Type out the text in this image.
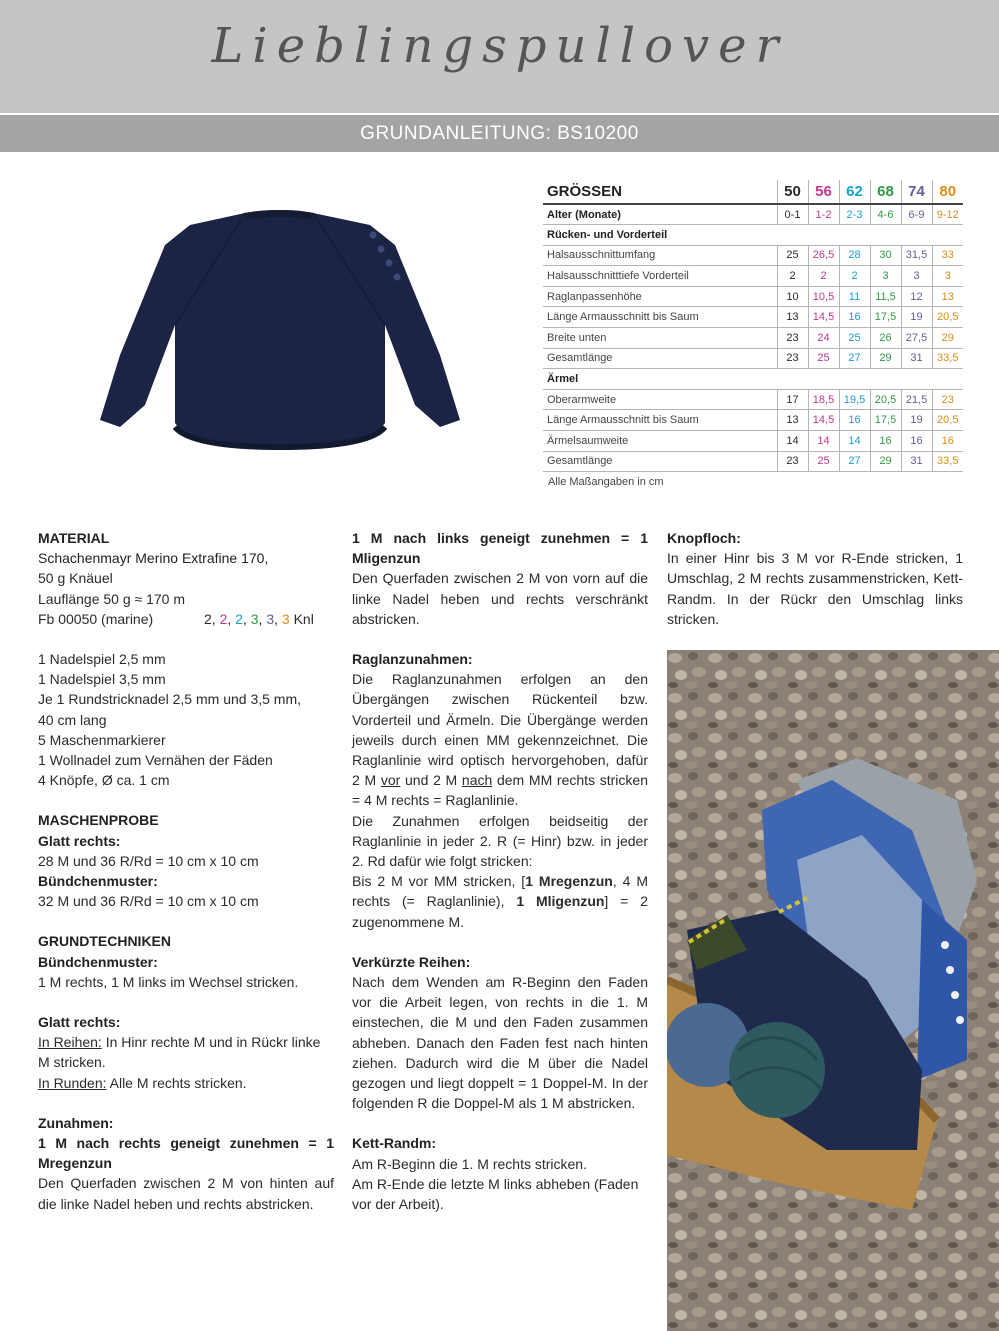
Lieblingspullover
GRUNDANLEITUNG: BS10200
GRÖSSEN	50	56	62	68	74	80
Alter (Monate)	0-1	1-2	2-3	4-6	6-9	9-12
Rücken- und Vorderteil						
Halsausschnittumfang	25	26,5	28	30	31,5	33
Halsausschnitttiefe Vorderteil	2	2	2	3	3	3
Raglanpassenhöhe	10	10,5	11	11,5	12	13
Länge Armausschnitt bis Saum	13	14,5	16	17,5	19	20,5
Breite unten	23	24	25	26	27,5	29
Gesamtlänge	23	25	27	29	31	33,5
Ärmel						
Oberarmweite	17	18,5	19,5	20,5	21,5	23
Länge Armausschnitt bis Saum	13	14,5	16	17,5	19	20,5
Ärmelsaumweite	14	14	14	16	16	16
Gesamtlänge	23	25	27	29	31	33,5
Alle Maßangaben in cm

MATERIAL

Schachenmayr Merino Extrafine 170,

50 g Knäuel

Lauflänge 50 g ≈ 170 m

Fb 00050 (marine)	2, 2, 2, 3, 3, 3 Knl

1 Nadelspiel 2,5 mm

1 Nadelspiel 3,5 mm

Je 1 Rundstricknadel 2,5 mm und 3,5 mm,

40 cm lang

5 Maschenmarkierer

1 Wollnadel zum Vernähen der Fäden

4 Knöpfe, Ø ca. 1 cm

MASCHENPROBE

Glatt rechts:

28 M und 36 R/Rd = 10 cm x 10 cm

Bündchenmuster:

32 M und 36 R/Rd = 10 cm x 10 cm

GRUNDTECHNIKEN

Bündchenmuster:

1 M rechts, 1 M links im Wechsel stricken.

Glatt rechts:

In Reihen: In Hinr rechte M und in Rückr linke M stricken.

In Runden: Alle M rechts stricken.

Zunahmen:

1 M nach rechts geneigt zunehmen = 1 Mregenzun

Den Querfaden zwischen 2 M von hinten auf die linke Nadel heben und rechts abstricken.

1 M nach links geneigt zunehmen = 1 Mligenzun

Den Querfaden zwischen 2 M von vorn auf die linke Nadel heben und rechts verschränkt abstricken.

Raglanzunahmen:

Die Raglanzunahmen erfolgen an den Übergängen zwischen Rückenteil bzw. Vorderteil und Ärmeln. Die Übergänge werden jeweils durch einen MM gekennzeichnet. Die Raglanlinie wird optisch hervorgehoben, dafür 2 M vor und 2 M nach dem MM rechts stricken = 4 M rechts = Raglanlinie.

Die Zunahmen erfolgen beidseitig der Raglanlinie in jeder 2. R (= Hinr) bzw. in jeder 2. Rd dafür wie folgt stricken:

Bis 2 M vor MM stricken, [1 Mregenzun, 4 M rechts (= Raglanlinie), 1 Mligenzun] = 2 zugenommene M.

Verkürzte Reihen:

Nach dem Wenden am R-Beginn den Faden vor die Arbeit legen, von rechts in die 1. M einstechen, die M und den Faden zusammen abheben. Danach den Faden fest nach hinten ziehen. Dadurch wird die M über die Nadel gezogen und liegt doppelt = 1 Doppel-M. In der folgenden R die Doppel-M als 1 M abstricken.

Kett-Randm:

Am R-Beginn die 1. M rechts stricken.

Am R-Ende die letzte M links abheben (Faden vor der Arbeit).

Knopfloch:

In einer Hinr bis 3 M vor R-Ende stricken, 1 Umschlag, 2 M rechts zusammenstricken, Kett-Randm. In der Rückr den Umschlag links stricken.
